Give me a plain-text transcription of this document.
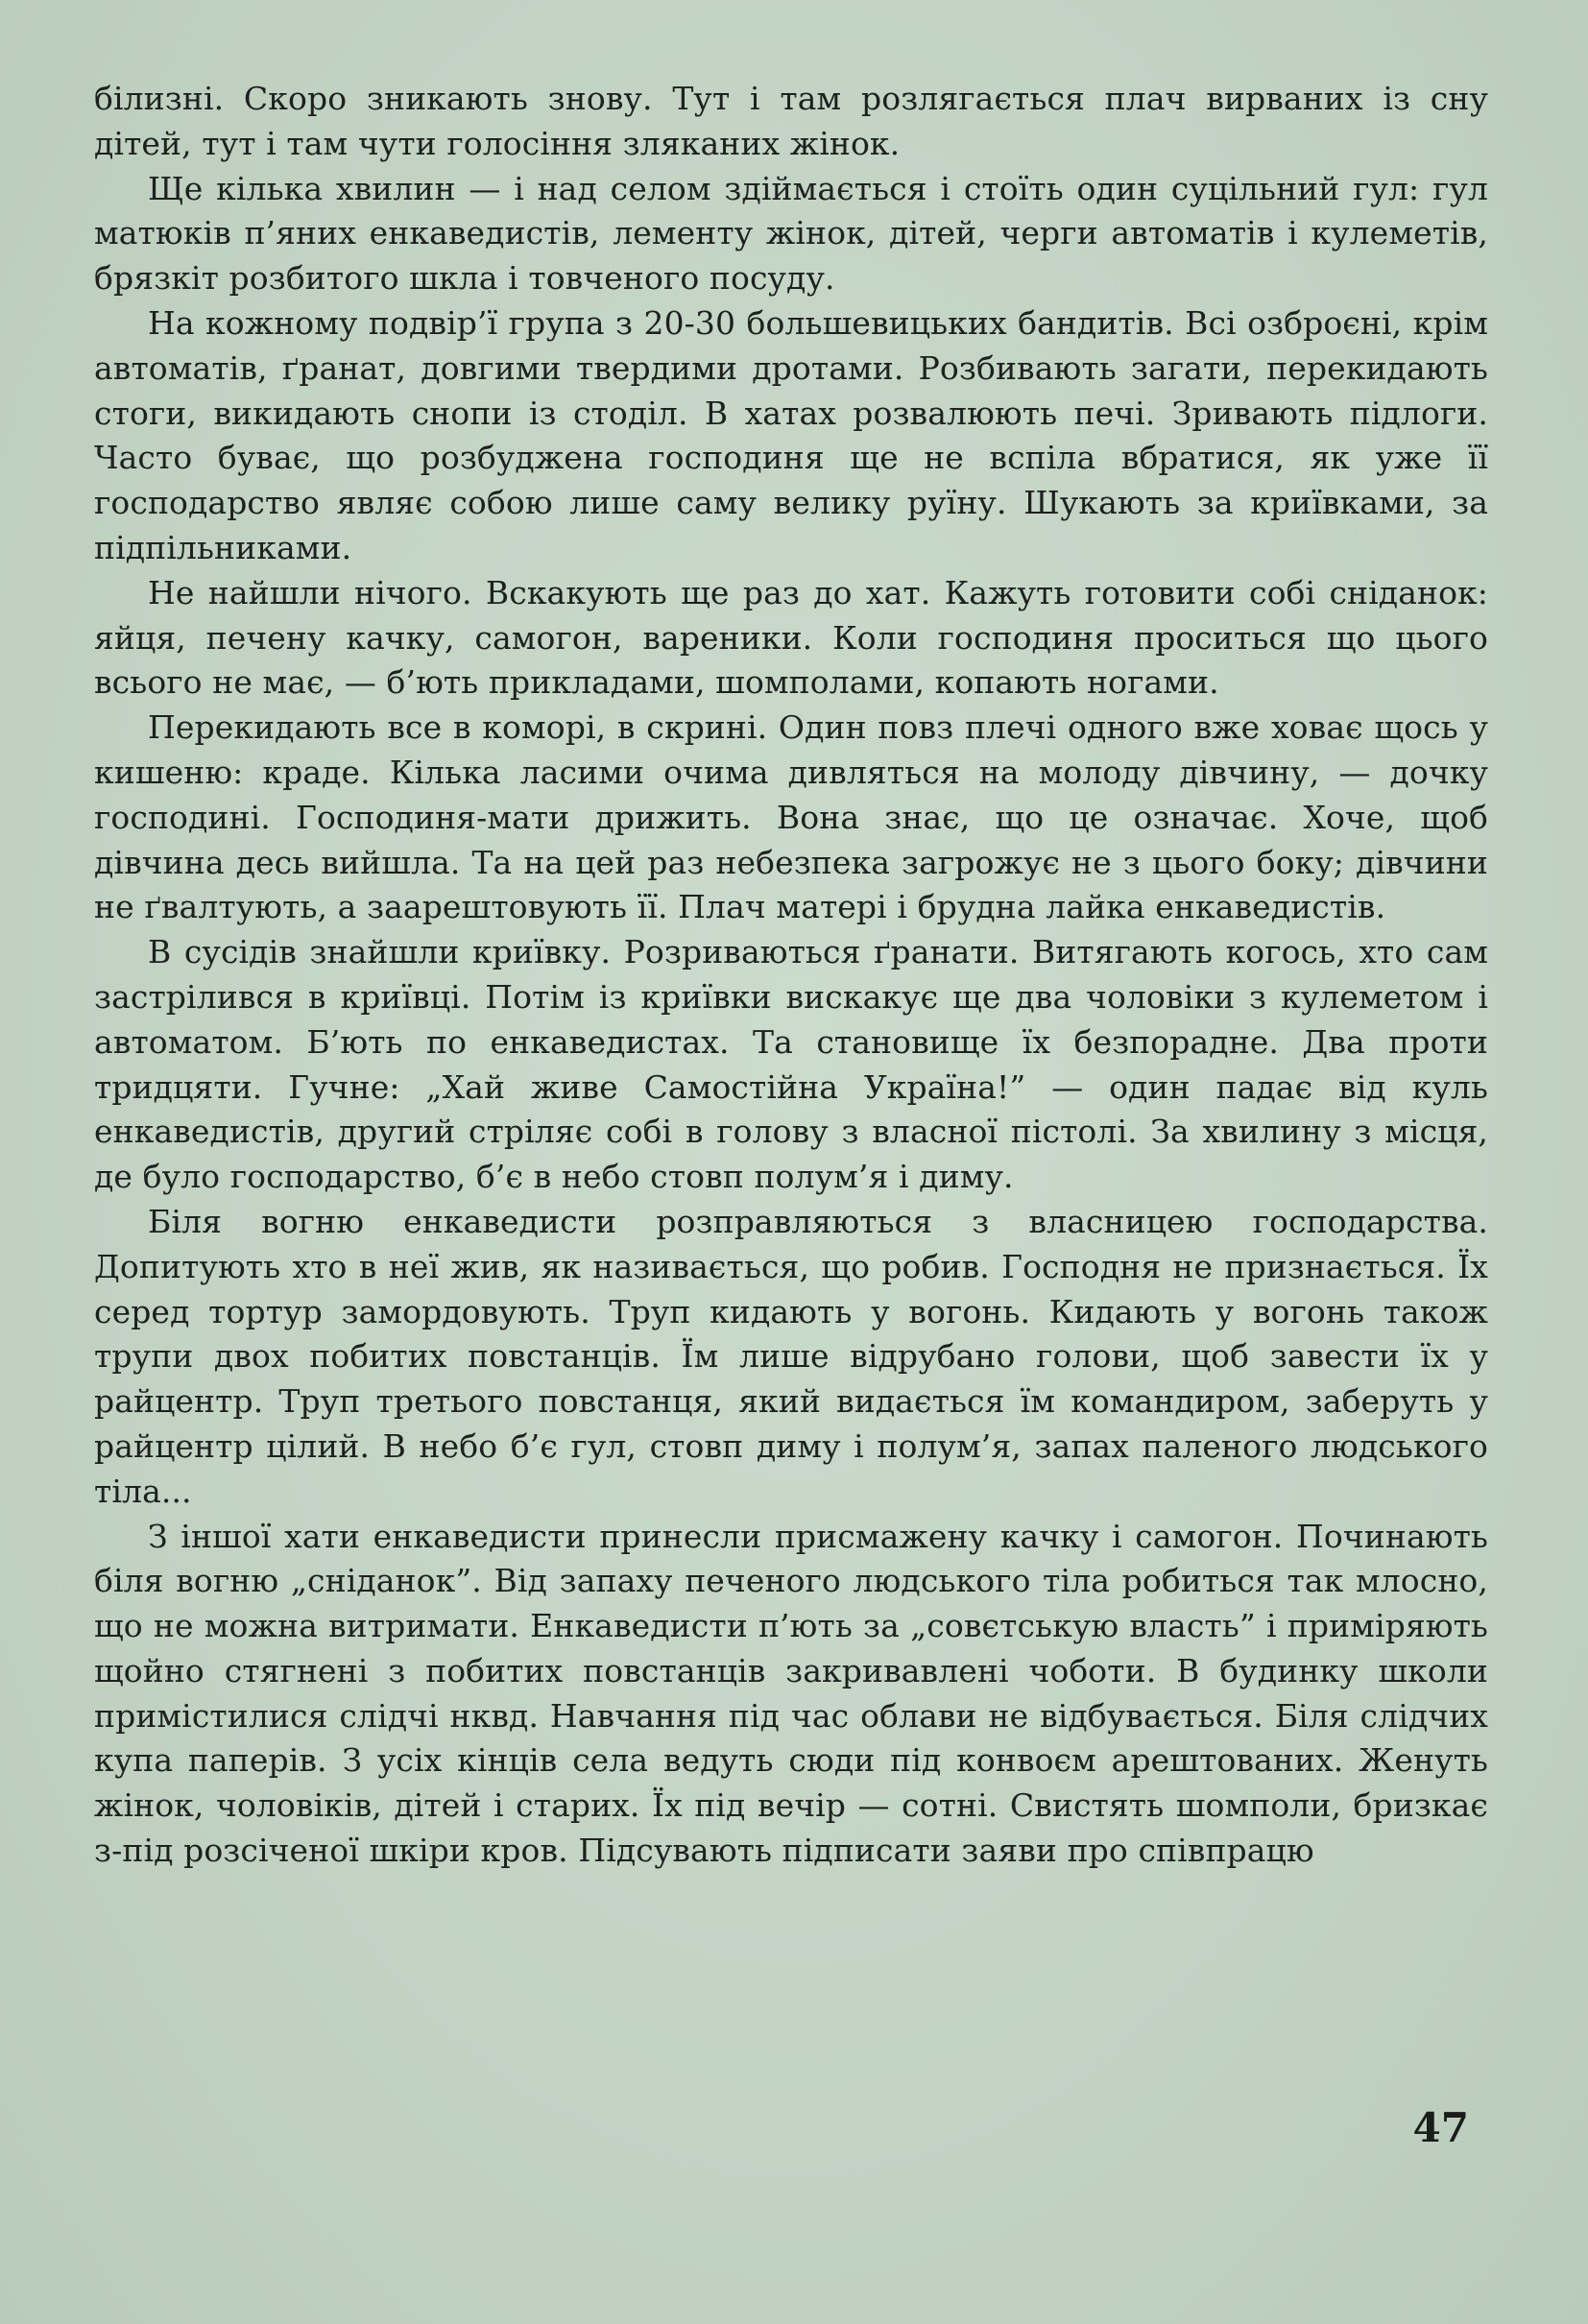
білизні. Скоро зникають знову. Тут і там розлягається плач вирваних із сну дітей, тут і там чути голосіння зляканих жінок.

Ще кілька хвилин — і над селом здіймається і стоїть один суцільний гул: гул матюків п’яних енкаведистів, лементу жінок, дітей, черги автоматів і кулеметів, брязкіт розбитого шкла і товченого посуду.

На кожному подвір’ї група з 20-30 большевицьких бандитів. Всі озброєні, крім автоматів, ґранат, довгими твердими дротами. Розбивають загати, перекидають стоги, викидають снопи із стоділ. В хатах розвалюють печі. Зривають підлоги. Часто буває, що розбуджена господиня ще не вспіла вбратися, як уже її господарство являє собою лише саму велику руїну. Шукають за криївками, за підпільниками.

Не найшли нічого. Вскакують ще раз до хат. Кажуть готовити собі сніданок: яйця, печену качку, самогон, вареники. Коли господиня проситься що цього всього не має, — б’ють прикладами, шомполами, копають ногами.

Перекидають все в коморі, в скрині. Один повз плечі одного вже ховає щось у кишеню: краде. Кілька ласими очима дивляться на молоду дівчину, — дочку господині. Господиня-мати дрижить. Вона знає, що це означає. Хоче, щоб дівчина десь вийшла. Та на цей раз небезпека загрожує не з цього боку; дівчини не ґвалтують, а заарештовують її. Плач матері і брудна лайка енкаведистів.

В сусідів знайшли криївку. Розриваються ґранати. Витягають когось, хто сам застрілився в криївці. Потім із криївки вискакує ще два чоловіки з кулеметом і автоматом. Б’ють по енкаведистах. Та становище їх безпорадне. Два проти тридцяти. Гучне: „Хай живе Самостійна Україна!” — один падає від куль енкаведистів, другий стріляє собі в голову з власної пістолі. За хвилину з місця, де було господарство, б’є в небо стовп полум’я і диму.

Біля вогню енкаведисти розправляються з власницею господарства. Допитують хто в неї жив, як називається, що робив. Господня не признається. Їх серед тортур замордовують. Труп кидають у вогонь. Кидають у вогонь також трупи двох побитих повстанців. Їм лише відрубано голови, щоб завести їх у райцентр. Труп третього повстанця, який видається їм командиром, заберуть у райцентр цілий. В небо б’є гул, стовп диму і полум’я, запах паленого людського тіла...

З іншої хати енкаведисти принесли присмажену качку і самогон. Починають біля вогню „сніданок”. Від запаху печеного людського тіла робиться так млосно, що не можна витримати. Енкаведисти п’ють за „совєтськую власть” і приміряють щойно стягнені з побитих повстанців закривавлені чоботи. В будинку школи примістилися слідчі нквд. Навчання під час облави не відбувається. Біля слідчих купа паперів. З усіх кінців села ведуть сюди під конвоєм арештованих. Женуть жінок, чоловіків, дітей і старих. Їх під вечір — сотні. Свистять шомполи, бризкає з-під розсіченої шкіри кров. Підсувають підписати заяви про співпрацю

47
